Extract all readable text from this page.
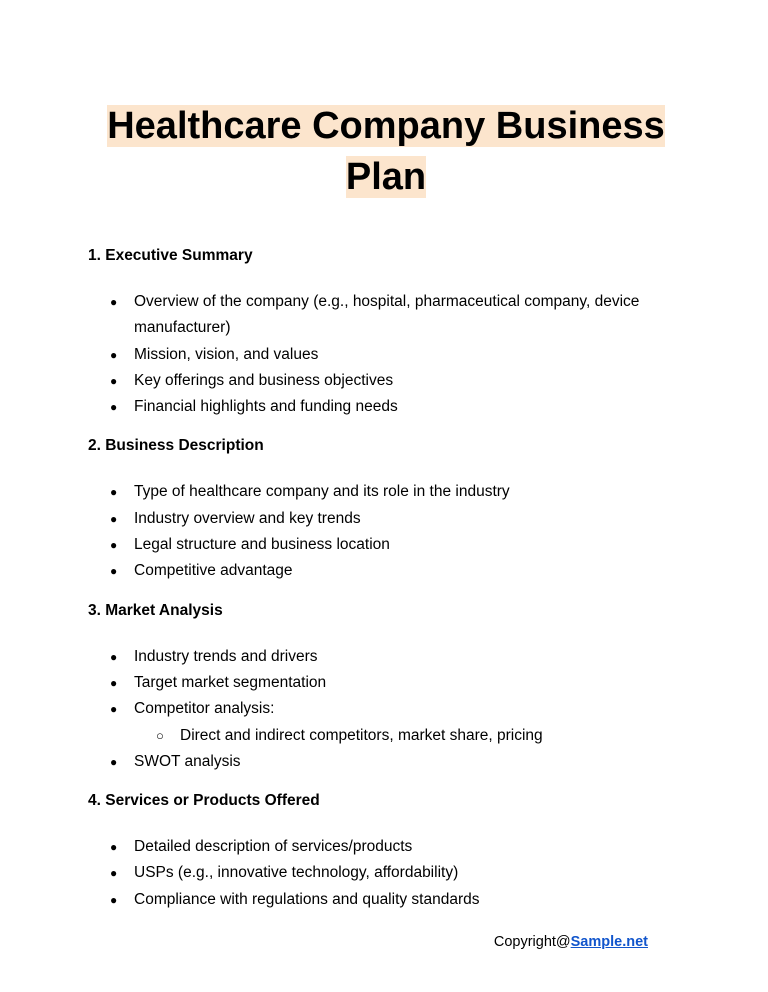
Healthcare Company Business
Plan
1. Executive Summary
● Overview of the company (e.g., hospital, pharmaceutical company, device manufacturer)
● Mission, vision, and values
● Key offerings and business objectives
● Financial highlights and funding needs
2. Business Description
● Type of healthcare company and its role in the industry
● Industry overview and key trends
● Legal structure and business location
● Competitive advantage
3. Market Analysis
● Industry trends and drivers
● Target market segmentation
● Competitor analysis:
○ Direct and indirect competitors, market share, pricing
● SWOT analysis
4. Services or Products Offered
● Detailed description of services/products
● USPs (e.g., innovative technology, affordability)
● Compliance with regulations and quality standards
Copyright@Sample.net
